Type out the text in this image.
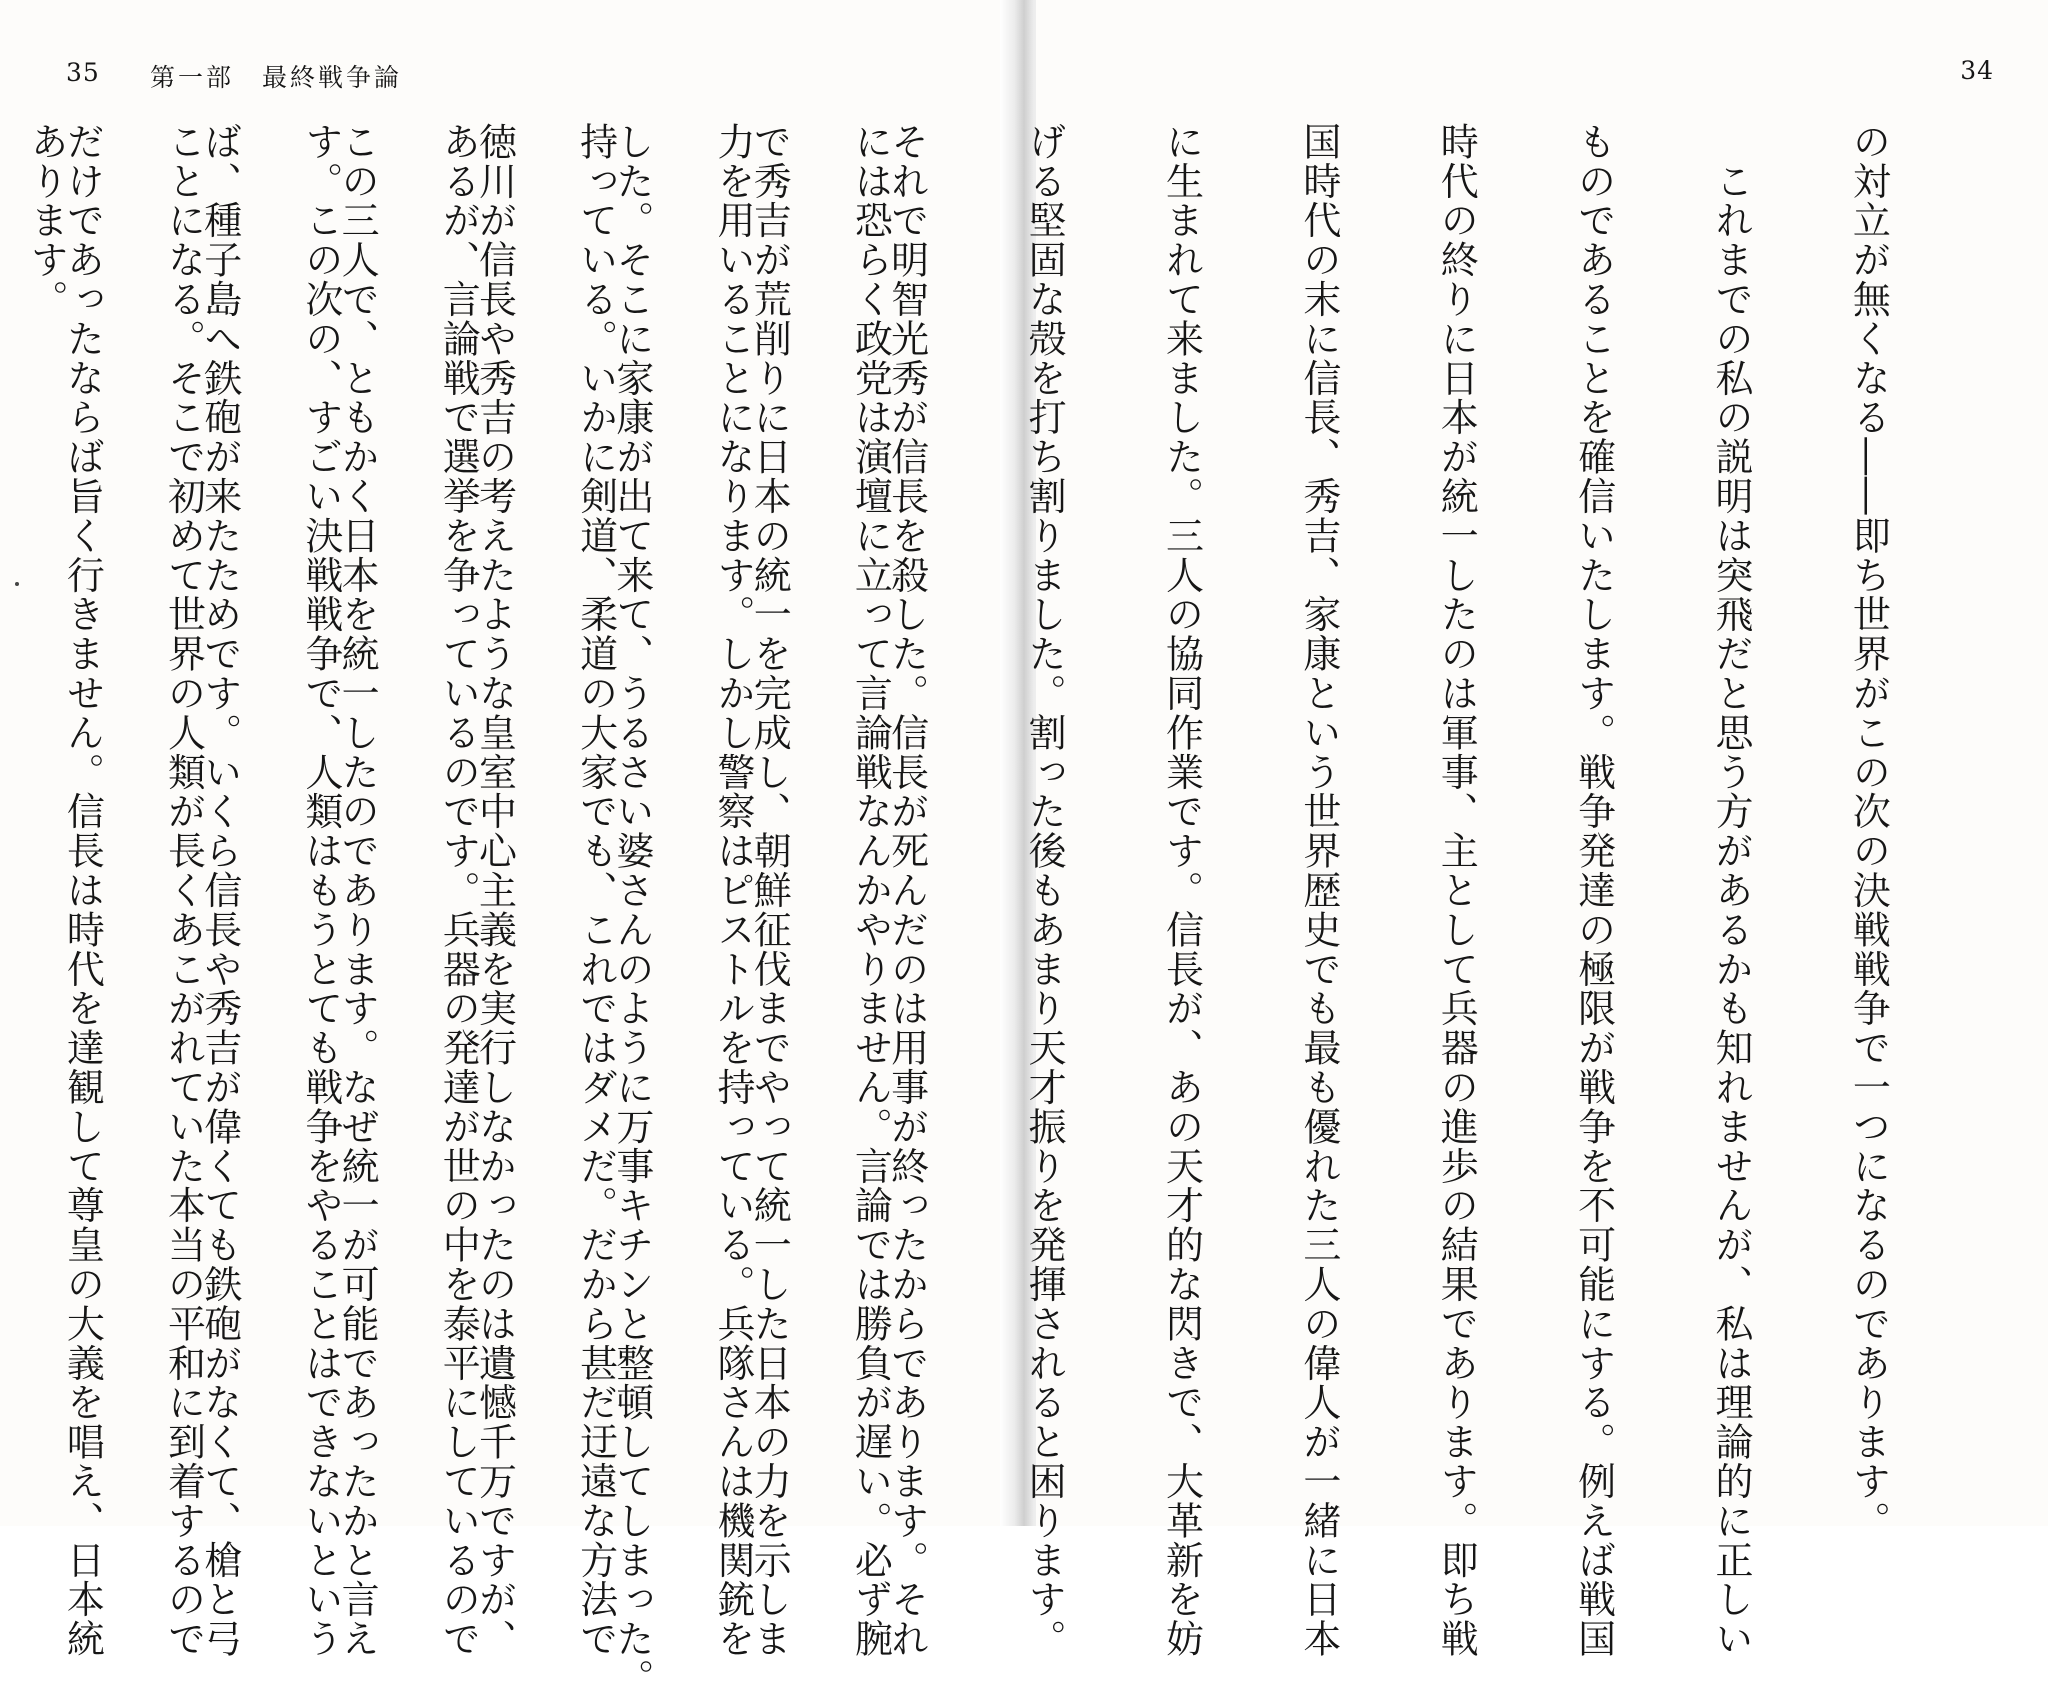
35 第一部　最終戦争論

には恐らく政党は演壇に立って言論戦なんかやりません。言論では勝負が遅い。必ず腕

力を用いることになります。しかし警察はピストルを持っている。兵隊さんは機関銃を

持っている。いかに剣道、柔道の大家でも、これではダメだ。だから甚だ迂遠な方法で

あるが、言論戦で選挙を争っているのです。兵器の発達が世の中を泰平にしているので

す。この次の、すごい決戦戦争で、人類はもうとても戦争をやることはできないという

ことになる。そこで初めて世界の人類が長くあこがれていた本当の平和に到着するので

あります。

34

の対立が無くなる――即ち世界がこの次の決戦戦争で一つになるのであります。

　これまでの私の説明は突飛だと思う方があるかも知れませんが、私は理論的に正しい

ものであることを確信いたします。戦争発達の極限が戦争を不可能にする。例えば戦国

時代の終りに日本が統一したのは軍事、主として兵器の進歩の結果であります。即ち戦

国時代の末に信長、秀吉、家康という世界歴史でも最も優れた三人の偉人が一緒に日本

に生まれて来ました。三人の協同作業です。信長が、あの天才的な閃きで、大革新を妨

げる堅固な殻を打ち割りました。割った後もあまり天才振りを発揮されると困ります。

それで明智光秀が信長を殺した。信長が死んだのは用事が終ったからであります。それ

で秀吉が荒削りに日本の統一を完成し、朝鮮征伐までやって統一した日本の力を示しま

した。そこに家康が出て来て、うるさい婆さんのように万事キチンと整頓してしまった。

徳川が信長や秀吉の考えたような皇室中心主義を実行しなかったのは遺憾千万ですが、

この三人で、ともかく日本を統一したのであります。なぜ統一が可能であったかと言え

ば、種子島へ鉄砲が来たためです。いくら信長や秀吉が偉くても鉄砲がなくて、槍と弓

だけであったならば旨く行きません。信長は時代を達観して尊皇の大義を唱え、日本統
